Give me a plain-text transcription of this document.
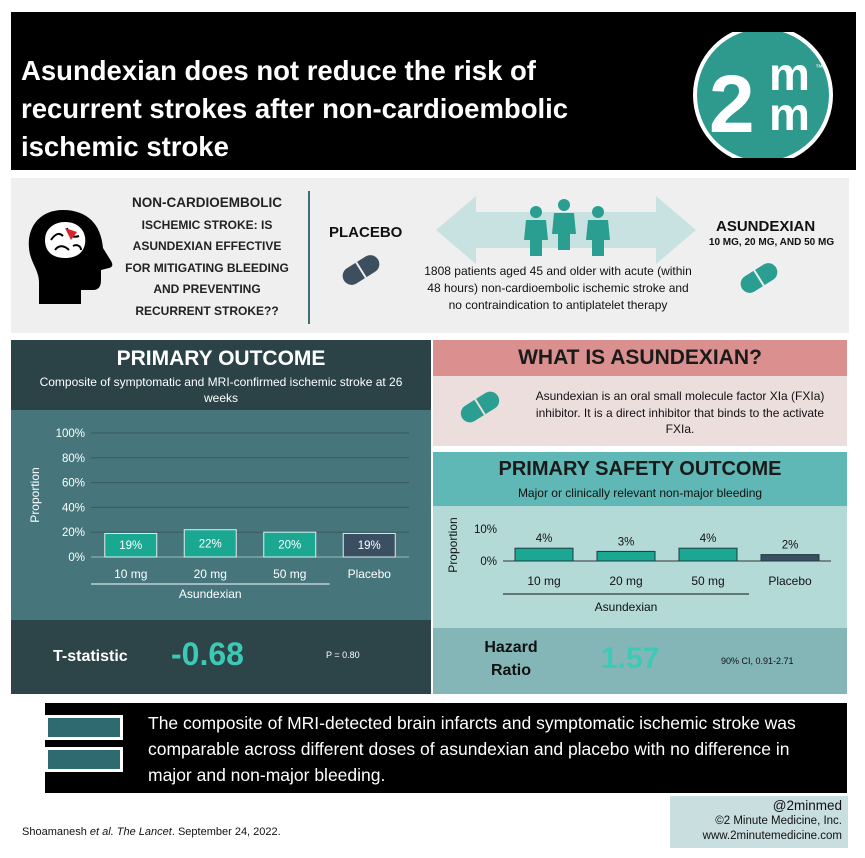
Asundexian does not reduce the risk of recurrent strokes after non-cardioembolic ischemic stroke	2 m
m
™
NON-CARDIOEMBOLIC ISCHEMIC STROKE: IS ASUNDEXIAN EFFECTIVE FOR MITIGATING BLEEDING AND PREVENTING RECURRENT STROKE??
PLACEBO	ASUNDEXIAN
10 MG, 20 MG, AND 50 MG
1808 patients aged 45 and older with acute (within 48 hours) non-cardioembolic ischemic stroke and no contraindication to antiplatelet therapy
PRIMARY OUTCOME
Composite of symptomatic and MRI-confirmed ischemic stroke at 26 weeks
0%
20%
40%
60%
80%
100%
19%
10 mg
22%
20 mg
20%
50 mg
19%
Placebo
Asundexian
Proportion
T-statistic -0.68	P = 0.80
WHAT IS ASUNDEXIAN?
Asundexian is an oral small molecule factor XIa (FXIa) inhibitor. It is a direct inhibitor that binds to the activate FXIa.
PRIMARY SAFETY OUTCOME
Major or clinically relevant non-major bleeding
0%
10%
4%
10 mg
3%
20 mg
4%
50 mg
2%
Placebo
Asundexian
Proportion
Hazard Ratio	1.57	90% CI, 0.91-2.71
The composite of MRI-detected brain infarcts and symptomatic ischemic stroke was comparable across different doses of asundexian and placebo with no difference in major and non-major bleeding.
Shoamanesh et al. The Lancet. September 24, 2022.
@2minmed
©2 Minute Medicine, Inc.
www.2minutemedicine.com
